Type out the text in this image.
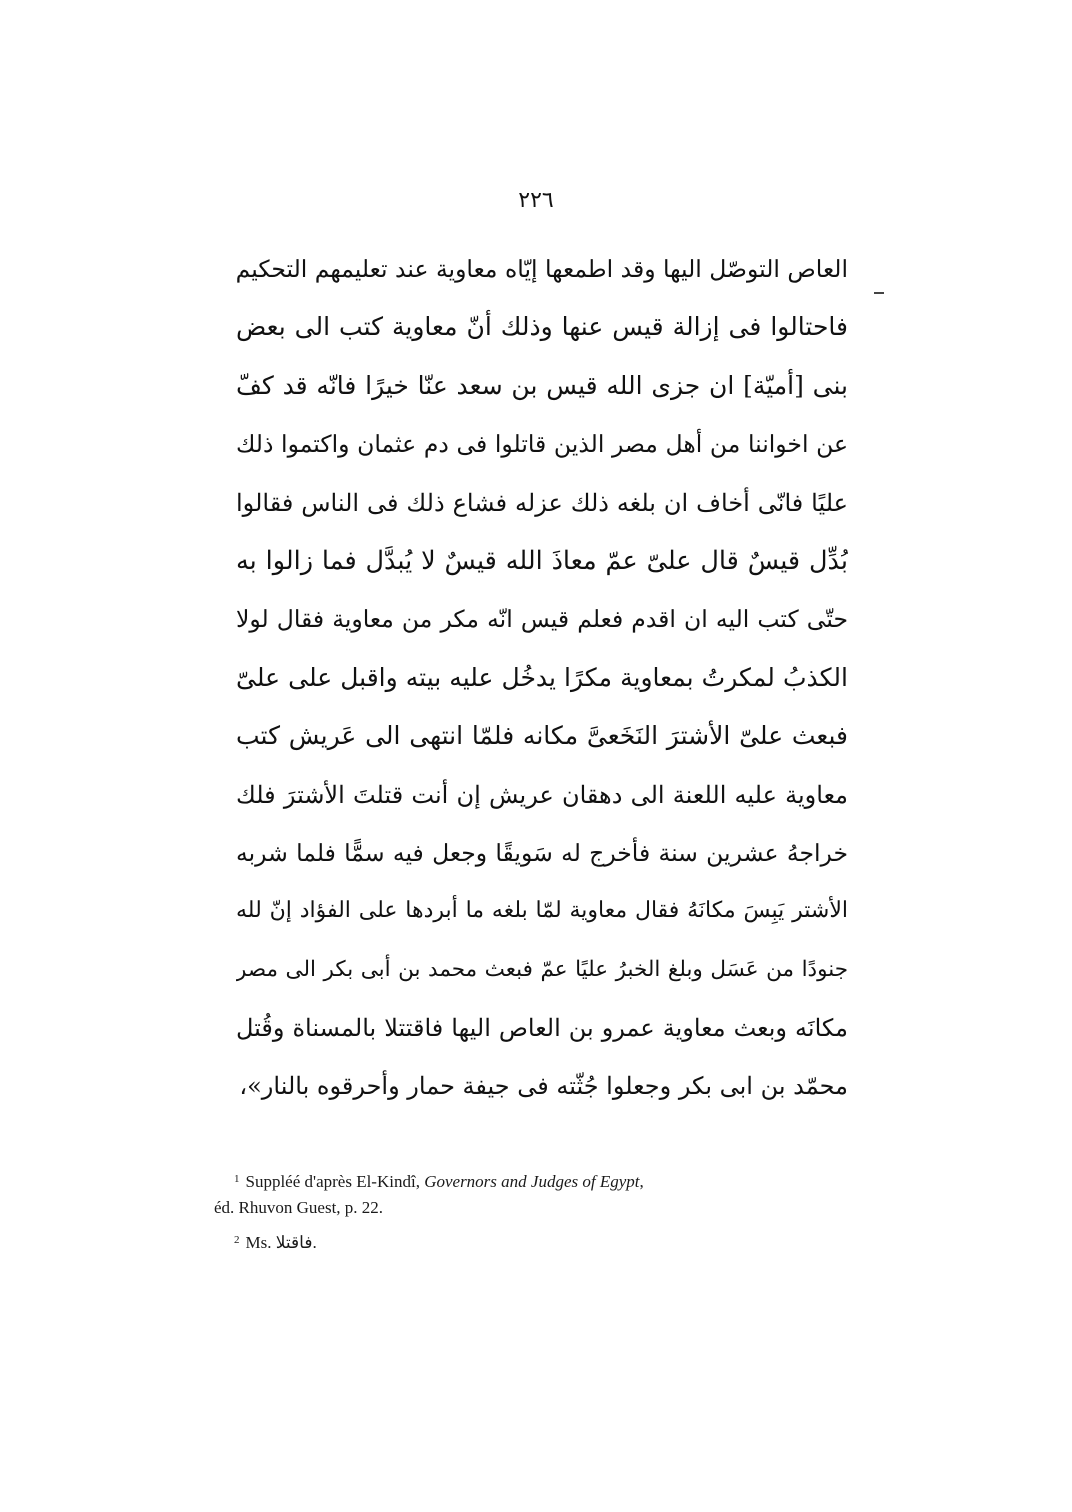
٢٢٦
العاص التوصّل اليها وقد اطمعها إيّاه معاوية عند تعليمهم التحكيم
فاحتالوا فى إزالة قيس عنها وذلك أنّ معاوية كتب الى بعض
بنى [أميّة] ان جزى الله قيس بن سعد عنّا خيرًا فانّه قد كفّ
عن اخواننا من أهل مصر الذين قاتلوا فى دم عثمان واكتموا ذلك
عليًا فانّى أخاف ان بلغه ذلك عزله فشاع ذلك فى الناس فقالوا
بُدِّل قيسٌ قال علىّ عمّ معاذَ الله قيسٌ لا يُبدَّل فما زالوا به
حتّى كتب اليه ان اقدم فعلم قيس انّه مكر من معاوية فقال لولا
الكذبُ لمكرتُ بمعاوية مكرًا يدخُل عليه بيته واقبل على علىّ
فبعث علىّ الأشترَ النَخَعىَّ مكانه فلمّا انتهى الى عَريش كتب
معاوية عليه اللعنة الى دهقان عريش إن أنت قتلتَ الأشترَ فلك
خراجهُ عشرين سنة فأخرج له سَويقًا وجعل فيه سمًّا فلما شربه
الأشتر يَبِسَ مكانَهُ فقال معاوية لمّا بلغه ما أبردها على الفؤاد إنّ لله
جنودًا من عَسَل وبلغ الخبرُ عليًا عمّ فبعث محمد بن أبى بكر الى مصر
مكانَه وبعث معاوية عمرو بن العاص اليها فاقتتلا بالمسناة وقُتل
محمّد بن ابى بكر وجعلوا جُثّته فى جيفة حمار وأحرقوه بالنار»،
$^1$ Suppléé d'après El-Kindî, Governors and Judges of Egypt,
éd. Rhuvon Guest, p. 22.
$^2$ Ms. فاقتلا.
